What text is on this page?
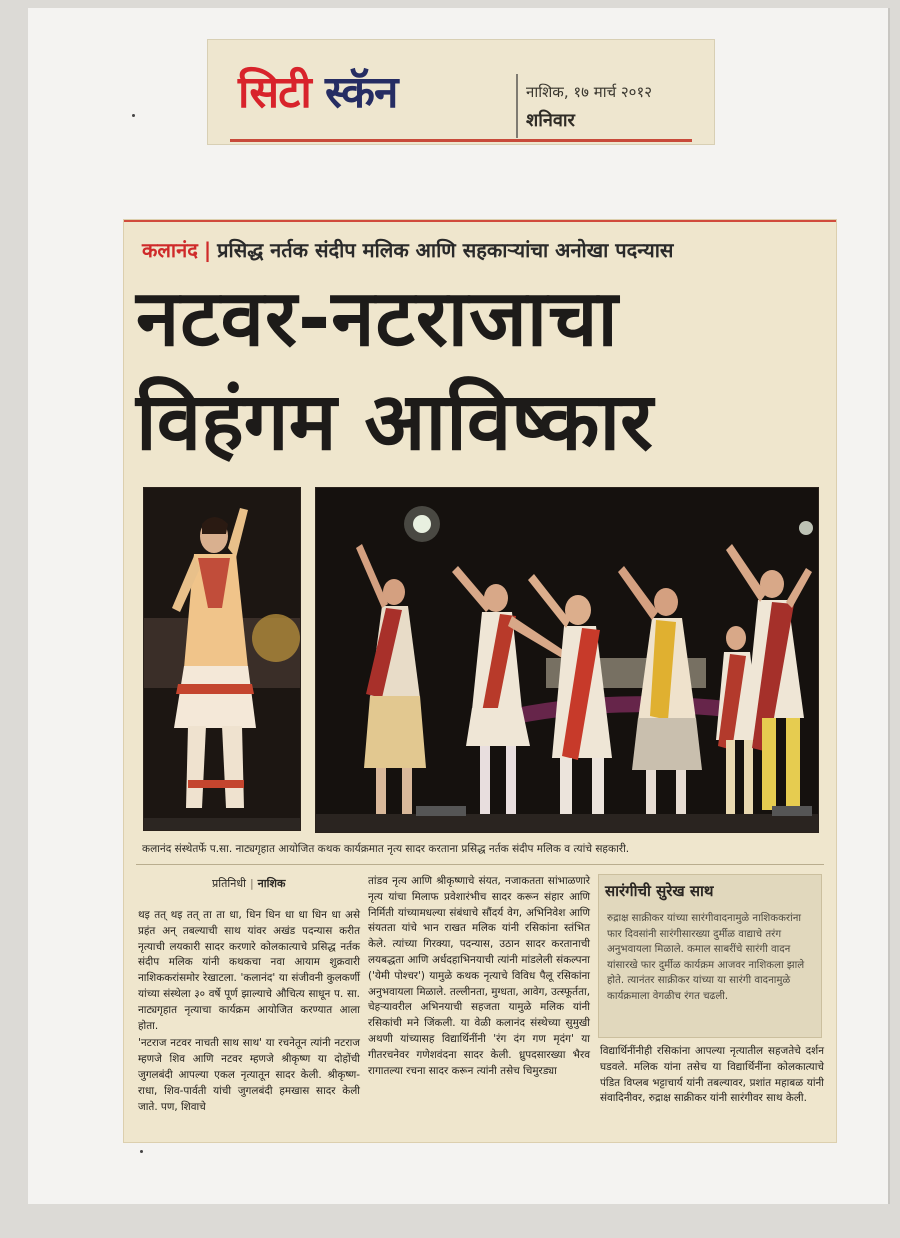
सिटी स्कॅन	नाशिक, १७ मार्च २०१२
शनिवार
कलानंद | प्रसिद्ध नर्तक संदीप मलिक आणि सहकाऱ्यांचा अनोखा पदन्यास
नटवर-नटराजाचा
विहंगम आविष्कार
कलानंद संस्थेतर्फे प.सा. नाट्यगृहात आयोजित कथक कार्यक्रमात नृत्य सादर करताना प्रसिद्ध नर्तक संदीप मलिक व त्यांचे सहकारी.
प्रतिनिधी | नाशिक

थइ तत् थइ तत् ता ता धा, धिन धिन धा धा धिन धा असे प्रहंत अन् तबल्याची साथ यांवर अखंड पदन्यास करीत नृत्याची लयकारी सादर करणारे कोलकात्याचे प्रसिद्ध नर्तक संदीप मलिक यांनी कथकचा नवा आयाम शुक्रवारी नाशिककरांसमोर रेखाटला. 'कलानंद' या संजीवनी कुलकर्णी यांच्या संस्थेला ३० वर्षे पूर्ण झाल्याचे औचित्य साधून प. सा. नाट्यगृहात नृत्याचा कार्यक्रम आयोजित करण्यात आला होता.

'नटराज नटवर नाचती साथ साथ' या रचनेतून त्यांनी नटराज म्हणजे शिव आणि नटवर म्हणजे श्रीकृष्ण या दोहोंची जुगलबंदी आपल्या एकल नृत्यातून सादर केली. श्रीकृष्ण-राधा, शिव-पार्वती यांची जुगलबंदी हमखास सादर केली जाते. पण, शिवाचे

तांडव नृत्य आणि श्रीकृष्णाचे संयत, नजाकतता सांभाळणारे नृत्य यांचा मिलाफ प्रवेशारंभीच सादर करून संहार आणि निर्मिती यांच्यामधल्या संबंधाचे सौंदर्य वेग, अभिनिवेश आणि संयतता यांचे भान राखत मलिक यांनी रसिकांना स्तंभित केले. त्यांच्या गिरक्या, पदन्यास, उठान सादर करतानाची लयबद्धता आणि अर्धदहाभिनयाची त्यांनी मांडलेली संकल्पना ('येमी पोश्चर') यामुळे कथक नृत्याचे विविध पैलू रसिकांना अनुभवायला मिळाले. तल्लीनता, मुग्धता, आवेग, उत्स्फूर्तता, चेहऱ्यावरील अभिनयाची सहजता यामुळे मलिक यांनी रसिकांची मने जिंकली. या वेळी कलानंद संस्थेच्या सुमुखी अथणी यांच्यासह विद्यार्थिनींनी 'रंग दंग गण मृदंग' या गीतरचनेवर गणेशवंदना सादर केली. ध्रुपदसारख्या भैरव रागातल्या रचना सादर करून त्यांनी तसेच चिमुरड्या

सारंगीची सुरेख साथ
रुद्राक्ष साक्रीकर यांच्या सारंगीवादनामुळे नाशिककरांना फार दिवसांनी सारंगीसारख्या दुर्मीळ वाद्याचे तरंग अनुभवायला मिळाले. कमाल साबरींचे सारंगी वादन यांसारखे फार दुर्मीळ कार्यक्रम आजवर नाशिकला झाले होते. त्यानंतर साक्रीकर यांच्या या सारंगी वादनामुळे कार्यक्रमाला वेगळीच रंगत चढली.

विद्यार्थिनींनीही रसिकांना आपल्या नृत्यातील सहजतेचे दर्शन घडवले. मलिक यांना तसेच या विद्यार्थिनींना कोलकात्याचे पंडित विप्लब भट्टाचार्य यांनी तबल्यावर, प्रशांत महाबळ यांनी संवादिनीवर, रुद्राक्ष साक्रीकर यांनी सारंगीवर साथ केली.
